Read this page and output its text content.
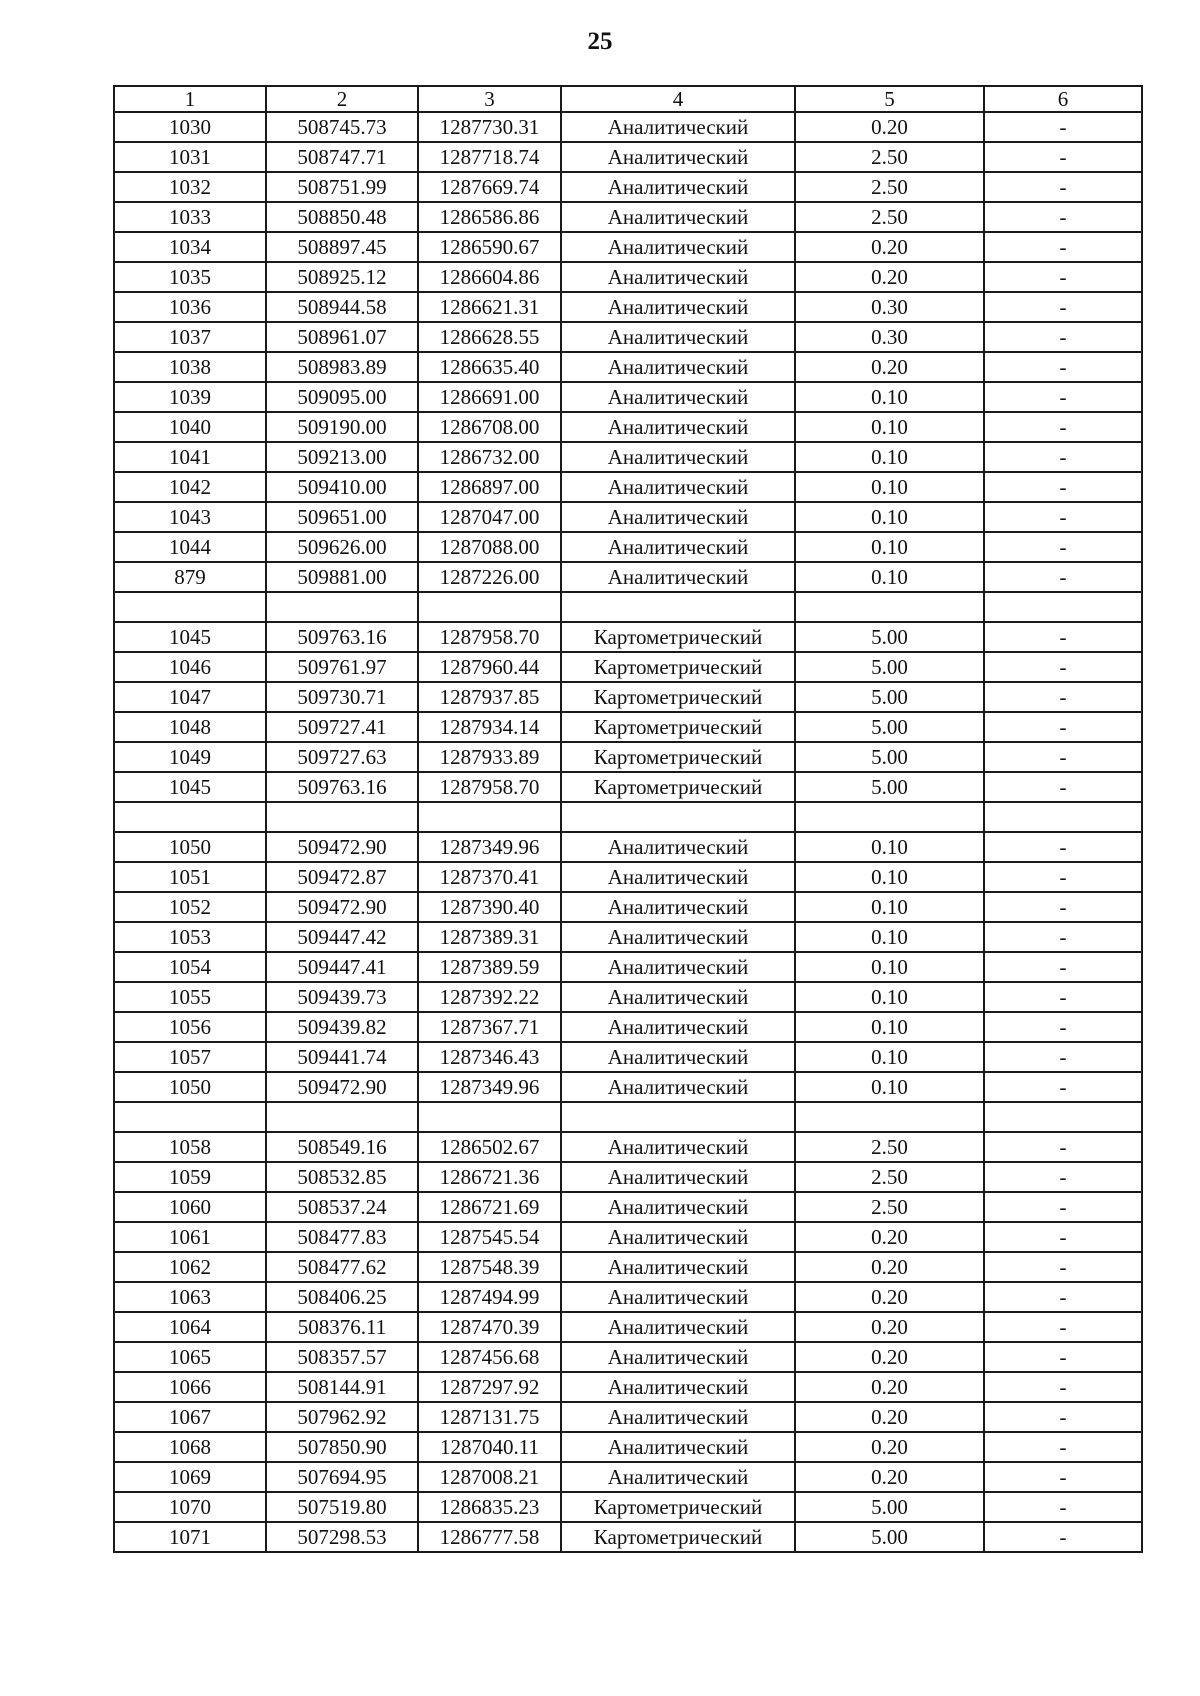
25
1	2	3	4	5	6
1030	508745.73	1287730.31	Аналитический	0.20	-
1031	508747.71	1287718.74	Аналитический	2.50	-
1032	508751.99	1287669.74	Аналитический	2.50	-
1033	508850.48	1286586.86	Аналитический	2.50	-
1034	508897.45	1286590.67	Аналитический	0.20	-
1035	508925.12	1286604.86	Аналитический	0.20	-
1036	508944.58	1286621.31	Аналитический	0.30	-
1037	508961.07	1286628.55	Аналитический	0.30	-
1038	508983.89	1286635.40	Аналитический	0.20	-
1039	509095.00	1286691.00	Аналитический	0.10	-
1040	509190.00	1286708.00	Аналитический	0.10	-
1041	509213.00	1286732.00	Аналитический	0.10	-
1042	509410.00	1286897.00	Аналитический	0.10	-
1043	509651.00	1287047.00	Аналитический	0.10	-
1044	509626.00	1287088.00	Аналитический	0.10	-
879	509881.00	1287226.00	Аналитический	0.10	-

1045	509763.16	1287958.70	Картометрический	5.00	-
1046	509761.97	1287960.44	Картометрический	5.00	-
1047	509730.71	1287937.85	Картометрический	5.00	-
1048	509727.41	1287934.14	Картометрический	5.00	-
1049	509727.63	1287933.89	Картометрический	5.00	-
1045	509763.16	1287958.70	Картометрический	5.00	-

1050	509472.90	1287349.96	Аналитический	0.10	-
1051	509472.87	1287370.41	Аналитический	0.10	-
1052	509472.90	1287390.40	Аналитический	0.10	-
1053	509447.42	1287389.31	Аналитический	0.10	-
1054	509447.41	1287389.59	Аналитический	0.10	-
1055	509439.73	1287392.22	Аналитический	0.10	-
1056	509439.82	1287367.71	Аналитический	0.10	-
1057	509441.74	1287346.43	Аналитический	0.10	-
1050	509472.90	1287349.96	Аналитический	0.10	-

1058	508549.16	1286502.67	Аналитический	2.50	-
1059	508532.85	1286721.36	Аналитический	2.50	-
1060	508537.24	1286721.69	Аналитический	2.50	-
1061	508477.83	1287545.54	Аналитический	0.20	-
1062	508477.62	1287548.39	Аналитический	0.20	-
1063	508406.25	1287494.99	Аналитический	0.20	-
1064	508376.11	1287470.39	Аналитический	0.20	-
1065	508357.57	1287456.68	Аналитический	0.20	-
1066	508144.91	1287297.92	Аналитический	0.20	-
1067	507962.92	1287131.75	Аналитический	0.20	-
1068	507850.90	1287040.11	Аналитический	0.20	-
1069	507694.95	1287008.21	Аналитический	0.20	-
1070	507519.80	1286835.23	Картометрический	5.00	-
1071	507298.53	1286777.58	Картометрический	5.00	-
